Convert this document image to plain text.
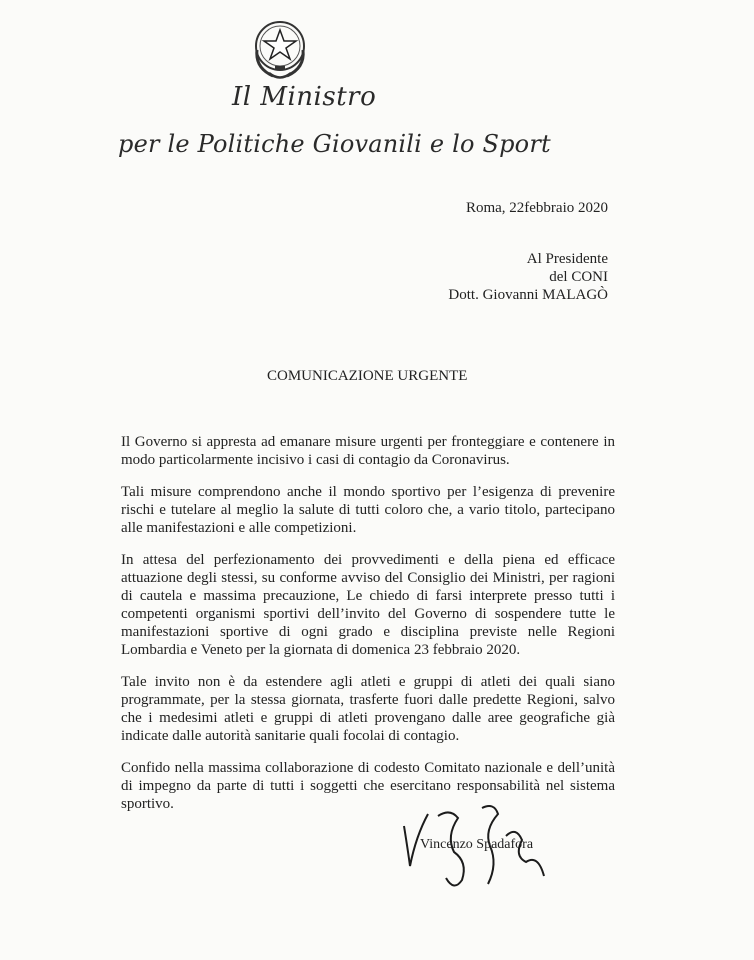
Il Ministro
per le Politiche Giovanili e lo Sport
Roma, 22febbraio 2020
Al Presidente
del CONI
Dott. Giovanni MALAGÒ
COMUNICAZIONE URGENTE

Il Governo si appresta ad emanare misure urgenti per fronteggiare e contenere in modo particolarmente incisivo i casi di contagio da Coronavirus.

Tali misure comprendono anche il mondo sportivo per l’esigenza di prevenire rischi e tutelare al meglio la salute di tutti coloro che, a vario titolo, partecipano alle manifestazioni e alle competizioni.

In attesa del perfezionamento dei provvedimenti e della piena ed efficace attuazione degli stessi, su conforme avviso del Consiglio dei Ministri, per ragioni di cautela e massima precauzione, Le chiedo di farsi interprete presso tutti i competenti organismi sportivi dell’invito del Governo di sospendere tutte le manifestazioni sportive di ogni grado e disciplina previste nelle Regioni Lombardia e Veneto per la giornata di domenica 23 febbraio 2020.

Tale invito non è da estendere agli atleti e gruppi di atleti dei quali siano programmate, per la stessa giornata, trasferte fuori dalle predette Regioni, salvo che i medesimi atleti e gruppi di atleti provengano dalle aree geografiche già indicate dalle autorità sanitarie quali focolai di contagio.

Confido nella massima collaborazione di codesto Comitato nazionale e dell’unità di impegno da parte di tutti i soggetti che esercitano responsabilità nel sistema sportivo.

Vincenzo Spadafora
